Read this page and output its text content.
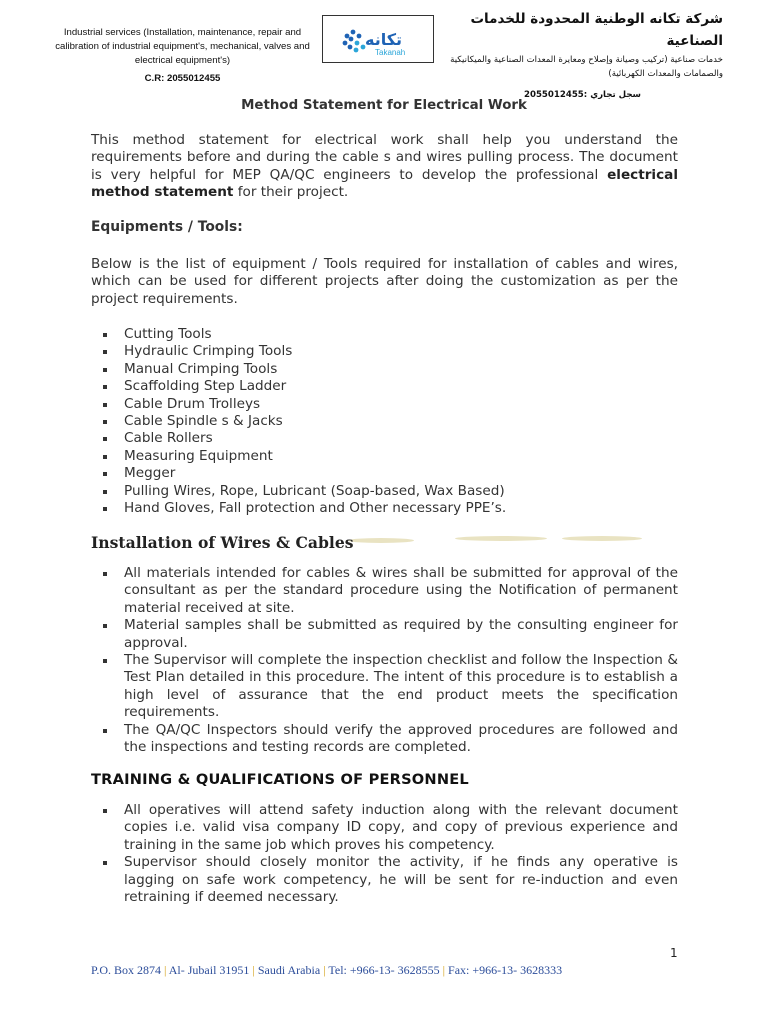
Industrial services (Installation, maintenance, repair and
calibration of industrial equipment's, mechanical, valves and
electrical equipment's)
C.R: 2055012455
تكانه
Takanah
شركة تكانه الوطنية المحدودة للخدمات الصناعية
خدمات صناعية (تركيب وصيانة وإصلاح ومعايرة المعدات الصناعية والميكانيكية
والصمامات والمعدات الكهربائية)
سجل تجاري :2055012455
Method Statement for Electrical Work
This method statement for electrical work shall help you understand the requirements before and during the cable s and wires pulling process. The document is very helpful for MEP QA/QC engineers to develop the professional electrical method statement for their project.
Equipments / Tools:
Below is the list of equipment / Tools required for installation of cables and wires, which can be used for different projects after doing the customization as per the project requirements.
Cutting Tools
Hydraulic Crimping Tools
Manual Crimping Tools
Scaffolding Step Ladder
Cable Drum Trolleys
Cable Spindle s & Jacks
Cable Rollers
Measuring Equipment
Megger
Pulling Wires, Rope, Lubricant (Soap-based, Wax Based)
Hand Gloves, Fall protection and Other necessary PPE’s.
Installation of Wires & Cables
All materials intended for cables & wires shall be submitted for approval of the consultant as per the standard procedure using the Notification of permanent material received at site.
Material samples shall be submitted as required by the consulting engineer for approval.
The Supervisor will complete the inspection checklist and follow the Inspection & Test Plan detailed in this procedure. The intent of this procedure is to establish a high level of assurance that the end product meets the specification requirements.
The QA/QC Inspectors should verify the approved procedures are followed and the inspections and testing records are completed.
TRAINING & QUALIFICATIONS OF PERSONNEL
All operatives will attend safety induction along with the relevant document copies i.e. valid visa company ID copy, and copy of previous experience and training in the same job which proves his competency.
Supervisor should closely monitor the activity, if he finds any operative is lagging on safe work competency, he will be sent for re-induction and even retraining if deemed necessary.
1
P.O. Box 2874 | Al- Jubail 31951 | Saudi Arabia | Tel: +966-13- 3628555 | Fax: +966-13- 3628333
